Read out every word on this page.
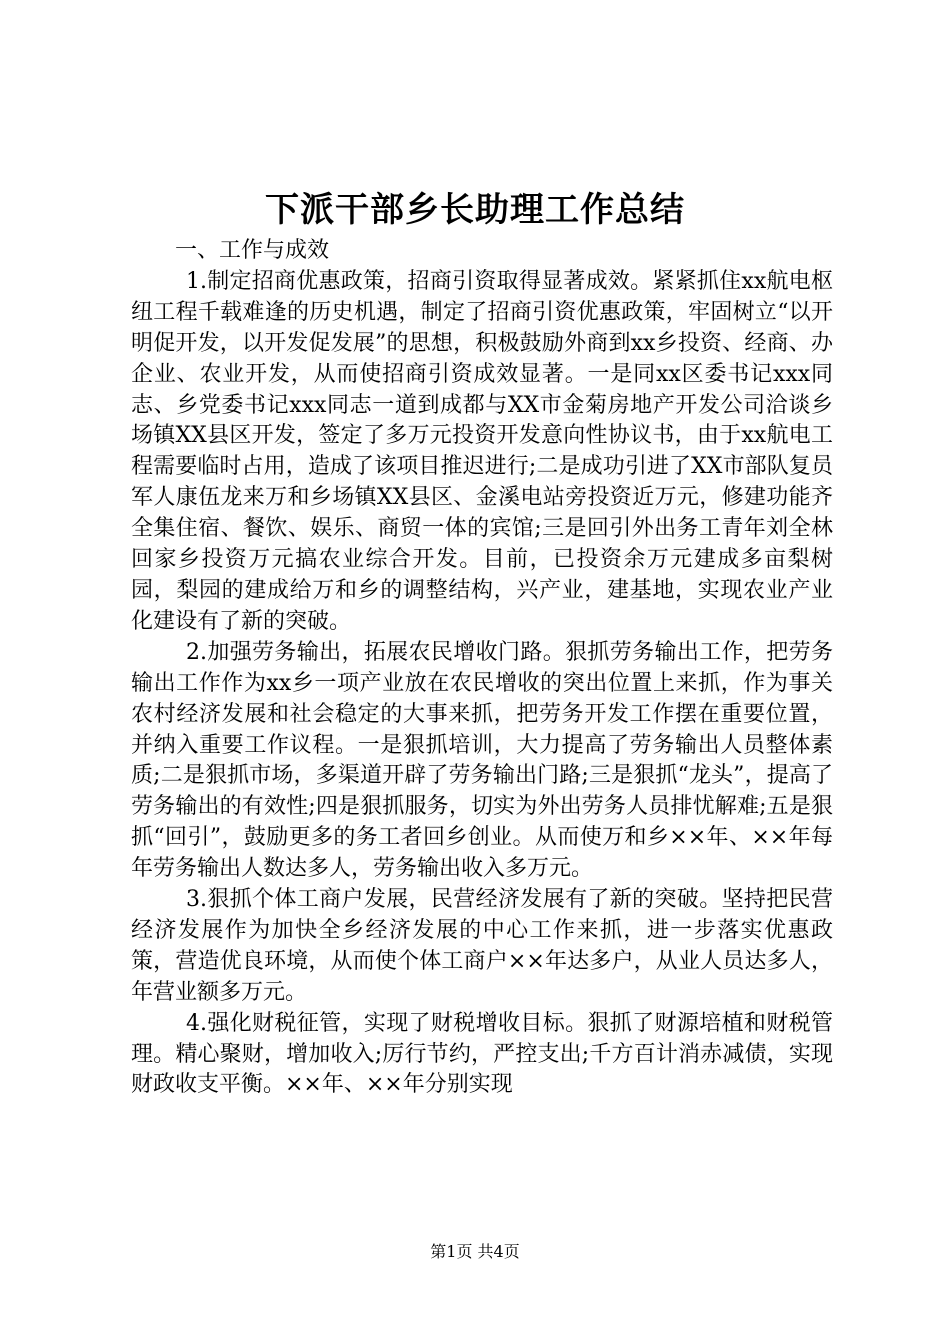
下派干部乡长助理工作总结

一、工作与成效

1.制定招商优惠政策，招商引资取得显著成效。紧紧抓住xx航电枢纽工程千载难逢的历史机遇，制定了招商引资优惠政策，牢固树立“以开明促开发，以开发促发展”的思想，积极鼓励外商到xx乡投资、经商、办企业、农业开发，从而使招商引资成效显著。一是同xx区委书记xxx同志、乡党委书记xxx同志一道到成都与XX市金菊房地产开发公司洽谈乡场镇XX县区开发，签定了多万元投资开发意向性协议书，由于xx航电工程需要临时占用，造成了该项目推迟进行;二是成功引进了XX市部队复员军人康伍龙来万和乡场镇XX县区、金溪电站旁投资近万元，修建功能齐全集住宿、餐饮、娱乐、商贸一体的宾馆;三是回引外出务工青年刘全林回家乡投资万元搞农业综合开发。目前，已投资余万元建成多亩梨树园，梨园的建成给万和乡的调整结构，兴产业，建基地，实现农业产业化建设有了新的突破。

2.加强劳务输出，拓展农民增收门路。狠抓劳务输出工作，把劳务输出工作作为xx乡一项产业放在农民增收的突出位置上来抓，作为事关农村经济发展和社会稳定的大事来抓，把劳务开发工作摆在重要位置，并纳入重要工作议程。一是狠抓培训，大力提高了劳务输出人员整体素质;二是狠抓市场，多渠道开辟了劳务输出门路;三是狠抓“龙头”，提高了劳务输出的有效性;四是狠抓服务，切实为外出劳务人员排忧解难;五是狠抓“回引”，鼓励更多的务工者回乡创业。从而使万和乡××年、××年每年劳务输出人数达多人，劳务输出收入多万元。

3.狠抓个体工商户发展，民营经济发展有了新的突破。坚持把民营经济发展作为加快全乡经济发展的中心工作来抓，进一步落实优惠政策，营造优良环境，从而使个体工商户××年达多户，从业人员达多人，年营业额多万元。

4.强化财税征管，实现了财税增收目标。狠抓了财源培植和财税管理。精心聚财，增加收入;厉行节约，严控支出;千方百计消赤减债，实现财政收支平衡。××年、××年分别实现

第1页 共4页
